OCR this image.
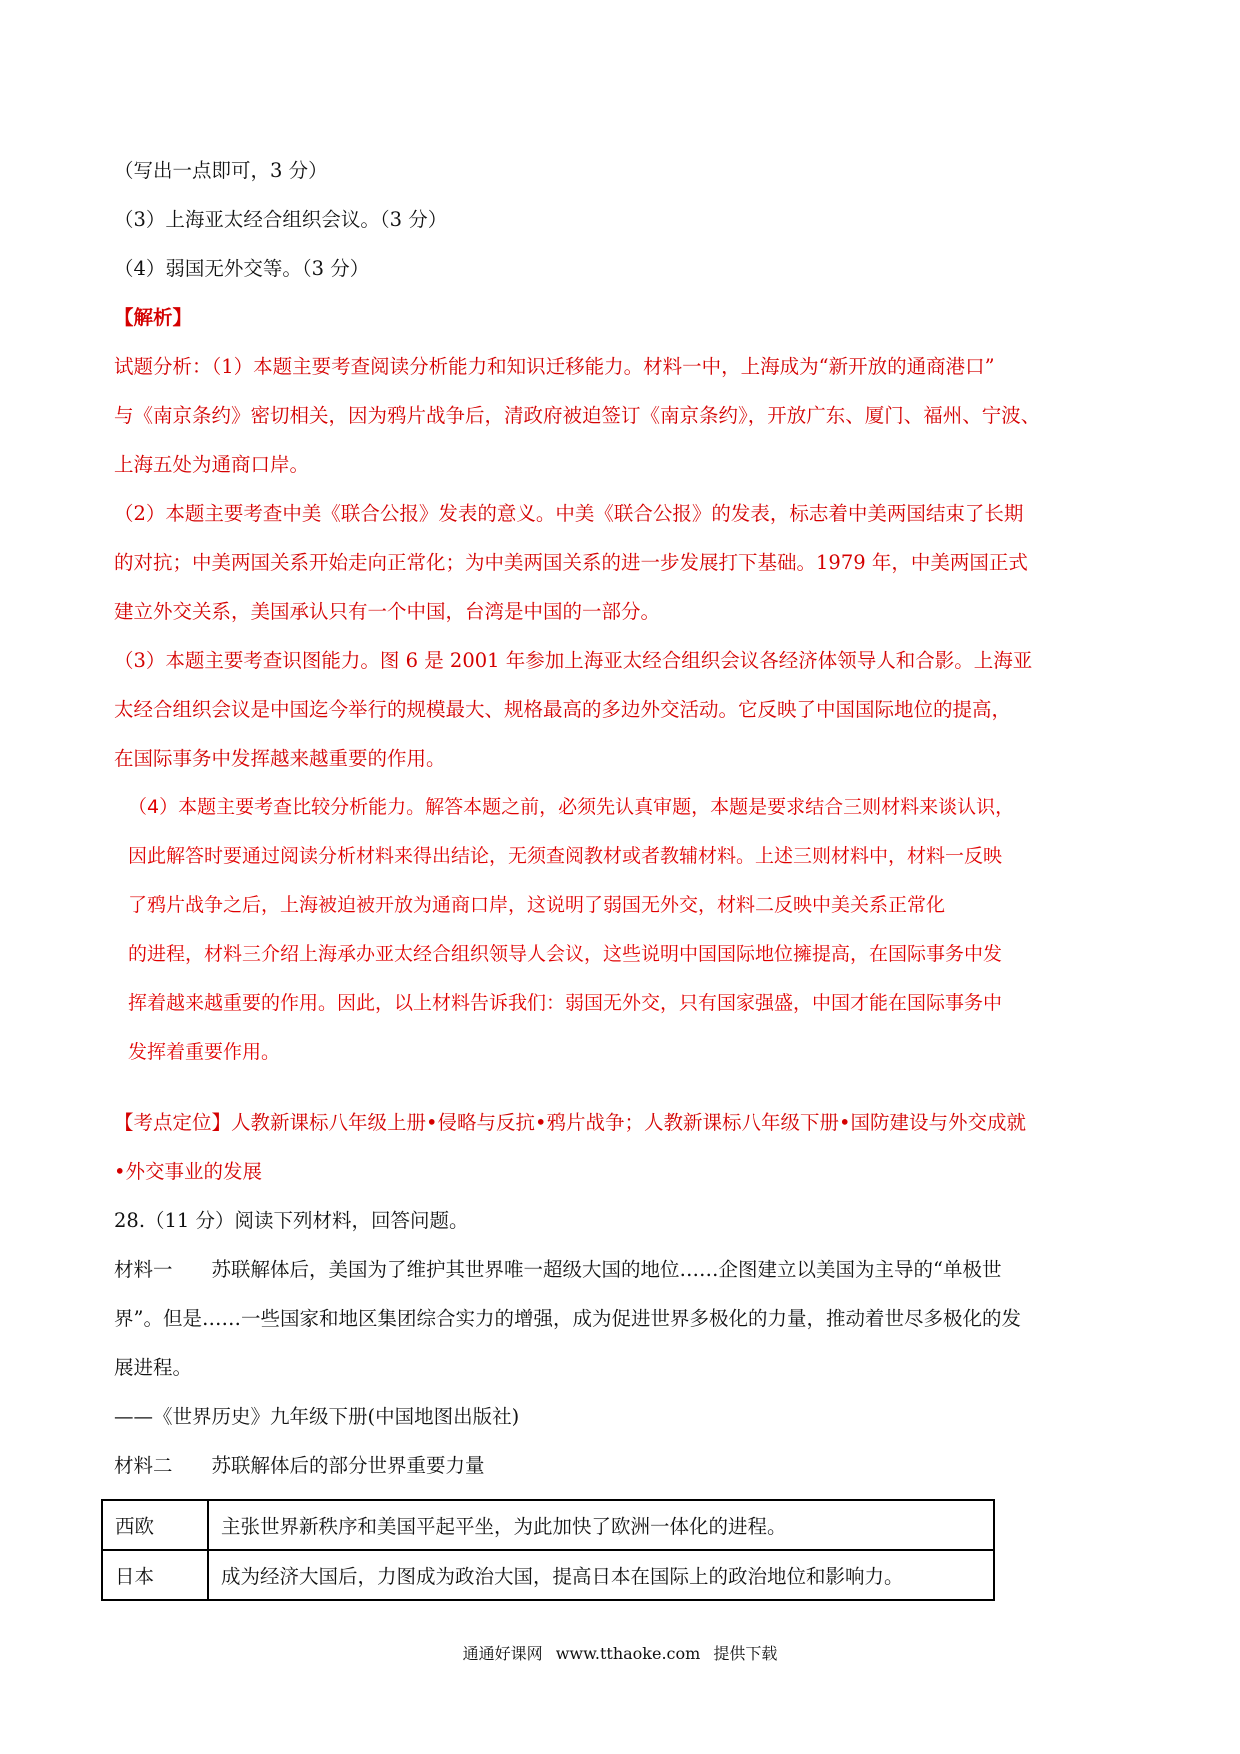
（写出一点即可，3 分）
（3）上海亚太经合组织会议。（3 分）
（4）弱国无外交等。（3 分）
【解析】
试题分析：（1）本题主要考查阅读分析能力和知识迁移能力。材料一中，上海成为“新开放的通商港口”
与《南京条约》密切相关，因为鸦片战争后，清政府被迫签订《南京条约》，开放广东、厦门、福州、宁波、
上海五处为通商口岸。
（2）本题主要考查中美《联合公报》发表的意义。中美《联合公报》的发表，标志着中美两国结束了长期
的对抗；中美两国关系开始走向正常化；为中美两国关系的进一步发展打下基础。1979 年，中美两国正式
建立外交关系，美国承认只有一个中国，台湾是中国的一部分。
（3）本题主要考查识图能力。图 6 是 2001 年参加上海亚太经合组织会议各经济体领导人和合影。上海亚
太经合组织会议是中国迄今举行的规模最大、规格最高的多边外交活动。它反映了中国国际地位的提高，
在国际事务中发挥越来越重要的作用。
（4）本题主要考查比较分析能力。解答本题之前，必须先认真审题，本题是要求结合三则材料来谈认识，
因此解答时要通过阅读分析材料来得出结论，无须查阅教材或者教辅材料。上述三则材料中，材料一反映
了鸦片战争之后，上海被迫被开放为通商口岸，这说明了弱国无外交，材料二反映中美关系正常化
的进程，材料三介绍上海承办亚太经合组织领导人会议，这些说明中国国际地位擁提高，在国际事务中发
挥着越来越重要的作用。因此，以上材料告诉我们：弱国无外交，只有国家强盛，中国才能在国际事务中
发挥着重要作用。
【考点定位】人教新课标八年级上册•侵略与反抗•鸦片战争；人教新课标八年级下册•国防建设与外交成就
•外交事业的发展
28.（11 分）阅读下列材料，回答问题。
材料一　　苏联解体后，美国为了维护其世界唯一超级大国的地位……企图建立以美国为主导的“单极世
界”。但是……一些国家和地区集团综合实力的增强，成为促进世界多极化的力量，推动着世尽多极化的发
展进程。
——《世界历史》九年级下册(中国地图出版社)
材料二　　苏联解体后的部分世界重要力量
西欧	主张世界新秩序和美国平起平坐，为此加快了欧洲一体化的进程。
日本	成为经济大国后，力图成为政治大国，提高日本在国际上的政治地位和影响力。
通通好课网 www.tthaoke.com 提供下载
